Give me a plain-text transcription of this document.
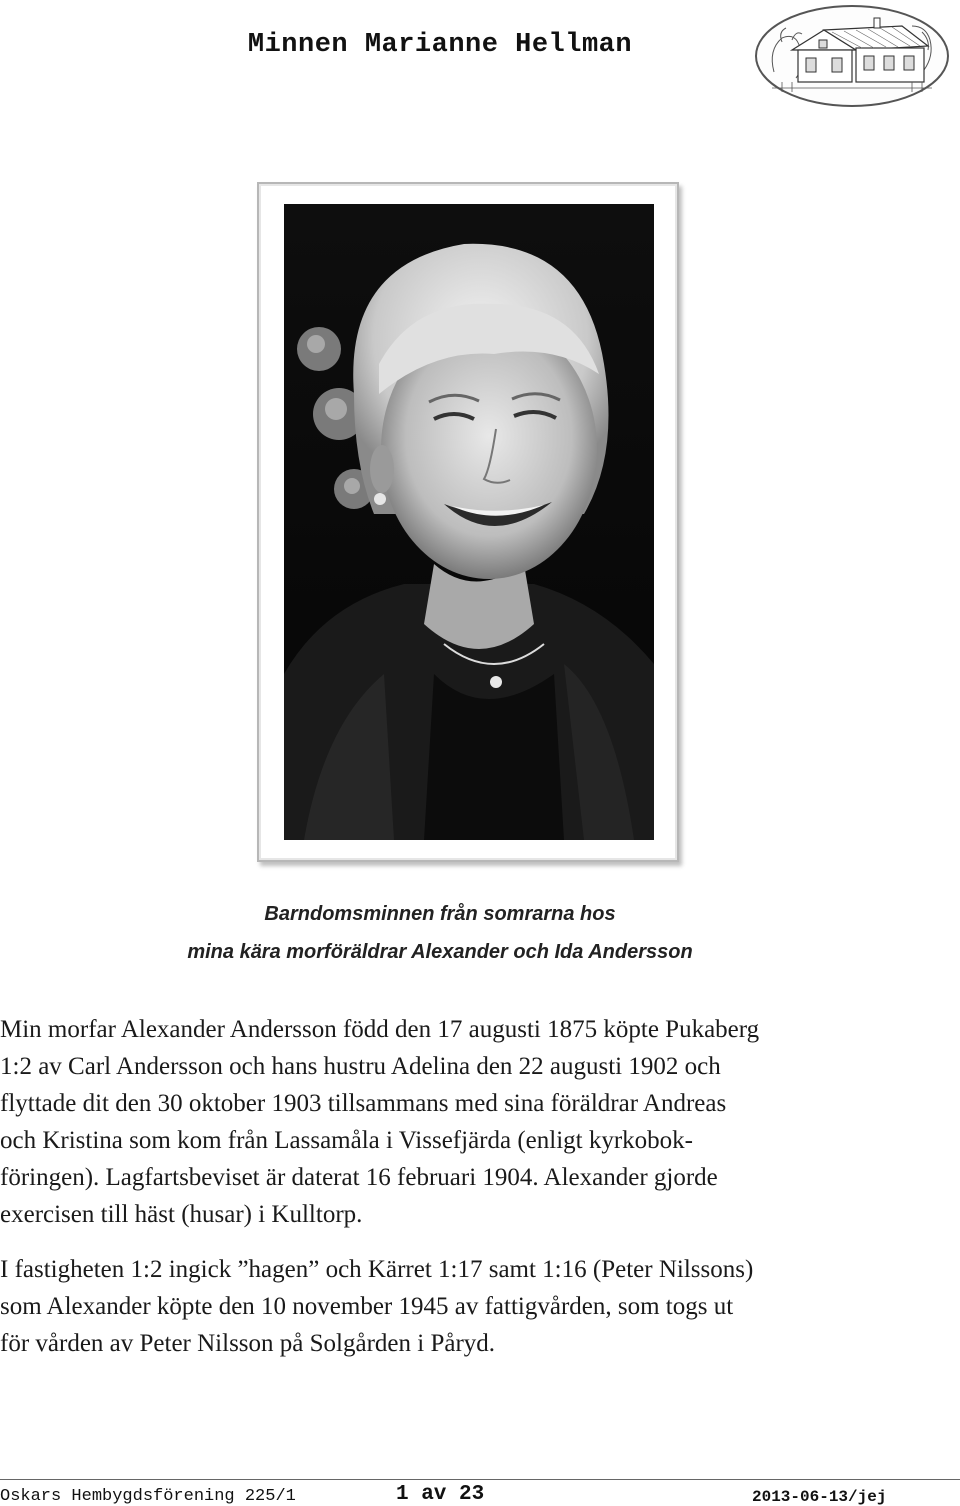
Minnen Marianne Hellman
Barndomsminnen från somrarna hos
mina kära morföräldrar Alexander och Ida Andersson
Min morfar Alexander Andersson född den 17 augusti 1875 köpte Pukaberg
1:2 av Carl Andersson och hans hustru Adelina den 22 augusti 1902 och
flyttade dit den 30 oktober 1903 tillsammans med sina föräldrar Andreas
och Kristina som kom från Lassamåla i Vissefjärda (enligt kyrkobok-
föringen). Lagfartsbeviset är daterat 16 februari 1904. Alexander gjorde
exercisen till häst (husar) i Kulltorp.
I fastigheten 1:2 ingick ”hagen” och Kärret 1:17 samt 1:16 (Peter Nilssons)
som Alexander köpte den 10 november 1945 av fattigvården, som togs ut
för vården av Peter Nilsson på Solgården i Påryd.
Oskars Hembygdsförening 225/1	1 av 23	2013-06-13/jej
